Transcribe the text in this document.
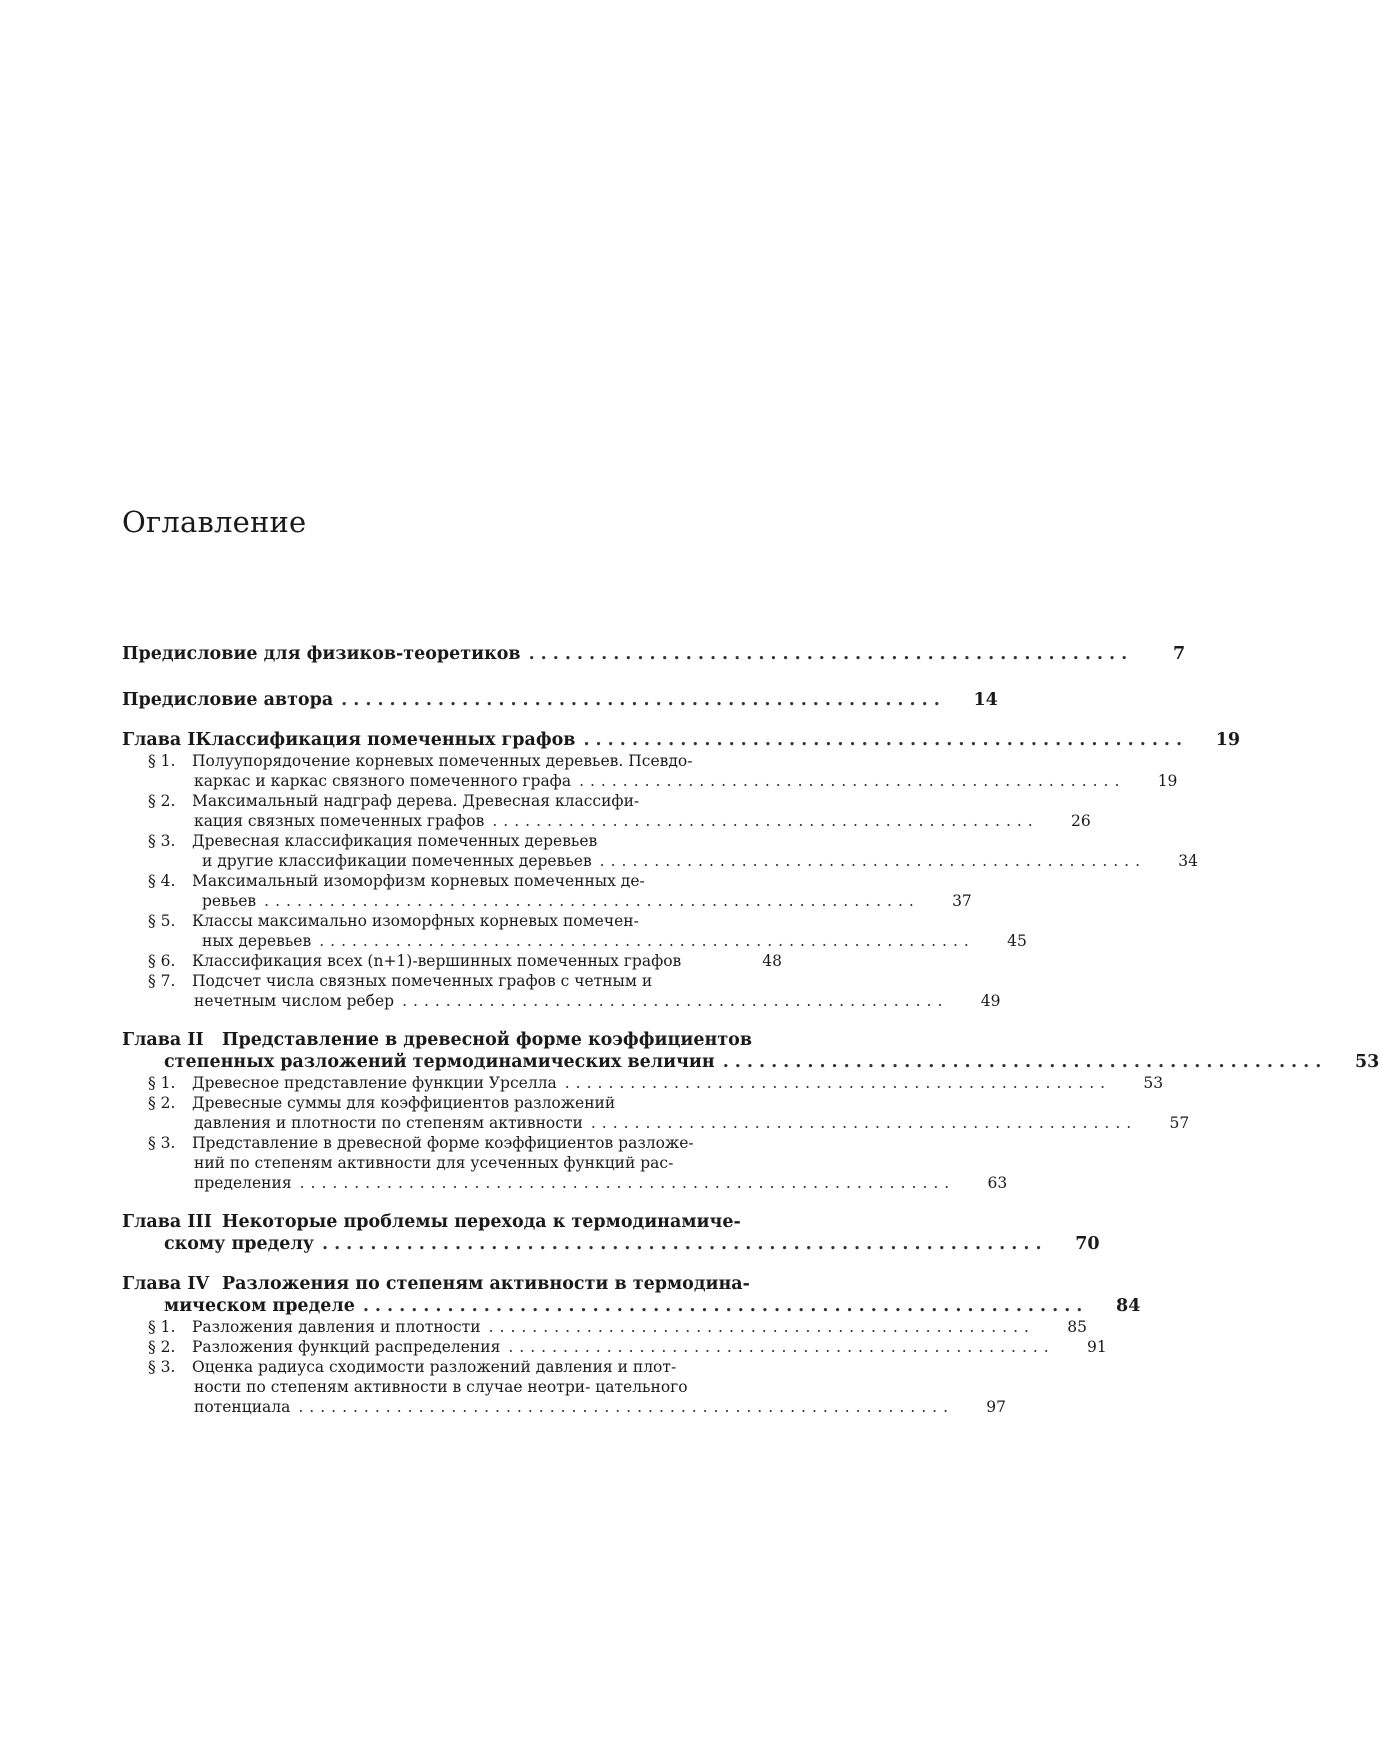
Оглавление
Предисловие для физиков-теоретиков ..................................................	7
Предисловие автора ..................................................	14
Глава I Классификация помеченных графов ..................................................	19
§ 1.	Полуупорядочение корневых помеченных деревьев. Псевдо-
каркас и каркас связного помеченного графа ..................................................	19
§ 2.	Максимальный надграф дерева. Древесная классифи-
кация связных помеченных графов ..................................................	26
§ 3.	Древесная классификация помеченных деревьев
и другие классификации помеченных деревьев ..................................................	34
§ 4.	Максимальный изоморфизм корневых помеченных де-
ревьев ............................................................	37
§ 5.	Классы максимально изоморфных корневых помечен-
ных деревьев ............................................................	45
§ 6.	Классификация всех (n+1)-вершинных помеченных графов	48
§ 7.	Подсчет числа связных помеченных графов с четным и
нечетным числом ребер ..................................................	49
Глава II	Представление в древесной форме коэффициентов
степенных разложений термодинамических величин ..................................................	53
§ 1.	Древесное представление функции Урселла ..................................................	53
§ 2.	Древесные суммы для коэффициентов разложений
давления и плотности по степеням активности ..................................................	57
§ 3.	Представление в древесной форме коэффициентов разложе-
ний по степеням активности для усеченных функций рас-
пределения ............................................................	63
Глава III Некоторые проблемы перехода к термодинамиче-
скому пределу ............................................................	70
Глава IV Разложения по степеням активности в термодина-
мическом пределе ............................................................	84
§ 1.	Разложения давления и плотности ..................................................	85
§ 2.	Разложения функций распределения ..................................................	91
§ 3.	Оценка радиуса сходимости разложений давления и плот-
ности по степеням активности в случае неотри- цательного
потенциала ............................................................	97
